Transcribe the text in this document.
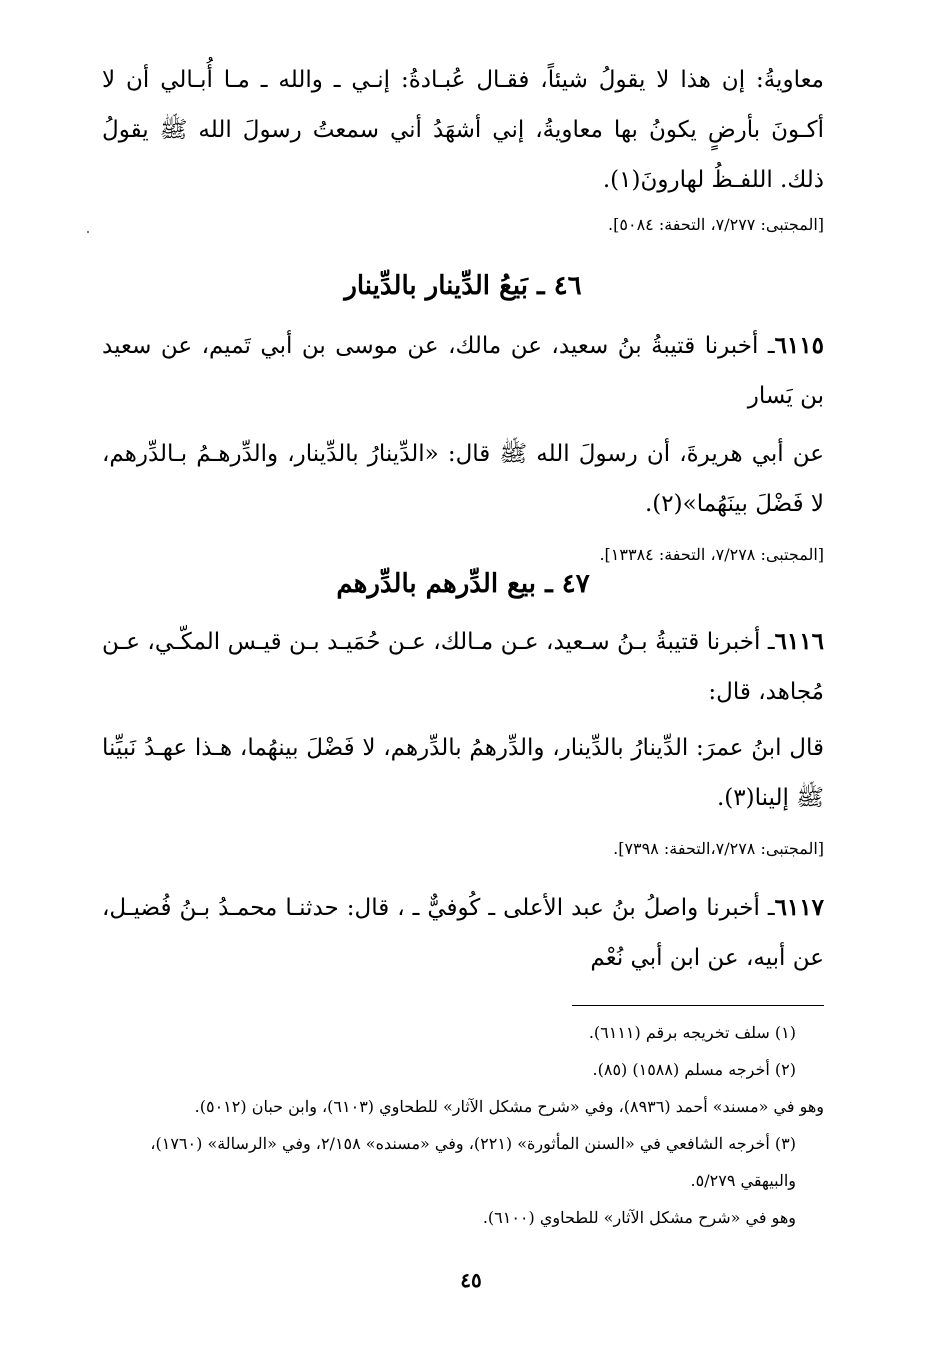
معاويةُ: إن هذا لا يقولُ شيئاً، فقـال عُبـادةُ: إنـي ـ والله ـ مـا أُبـالي أن لا أكـونَ بأرضٍ يكونُ بها معاويةُ، إني أشهَدُ أني سمعتُ رسولَ الله ﷺ يقولُ ذلك. اللفـظُ لهارونَ(١).

[المجتبى: ٧/٢٧٧، التحفة: ٥٠٨٤].

٤٦ ـ بَيعُ الدِّينار بالدِّينار

٦١١٥ـ أخبرنا قتيبةُ بنُ سعيد، عن مالك، عن موسى بن أبي تَميم، عن سعيد بن يَسار

عن أبي هريرةَ، أن رسولَ الله ﷺ قال: «الدِّينارُ بالدِّينار، والدِّرهـمُ بـالدِّرهم، لا فَضْلَ بينَهُما»(٢).

[المجتبى: ٧/٢٧٨، التحفة: ١٣٣٨٤].

٤٧ ـ بيع الدِّرهم بالدِّرهم

٦١١٦ـ أخبرنا قتيبةُ بـنُ سـعيد، عـن مـالك، عـن حُمَيـد بـن قيـس المكّـي، عـن مُجاهد، قال:

قال ابنُ عمرَ: الدِّينارُ بالدِّينار، والدِّرهمُ بالدِّرهم، لا فَضْلَ بينهُما، هـذا عهـدُ نَبيِّنا ﷺ إلينا(٣).

[المجتبى: ٧/٢٧٨،التحفة: ٧٣٩٨].

٦١١٧ـ أخبرنا واصلُ بنُ عبد الأعلى ـ كُوفيٌّ ـ ، قال: حدثنـا محمـدُ بـنُ فُضيـل، عن أبيه، عن ابن أبي نُعْم

(١) سلف تخريجه برقم (٦١١١).

(٢) أخرجه مسلم (١٥٨٨) (٨٥).

وهو في «مسند» أحمد (٨٩٣٦)، وفي «شرح مشكل الآثار» للطحاوي (٦١٠٣)، وابن حبان (٥٠١٢).

(٣) أخرجه الشافعي في «السنن المأثورة» (٢٢١)، وفي «مسنده» ٢/١٥٨، وفي «الرسالة» (١٧٦٠)، والبيهقي ٥/٢٧٩.

وهو في «شرح مشكل الآثار» للطحاوي (٦١٠٠).

٤٥
